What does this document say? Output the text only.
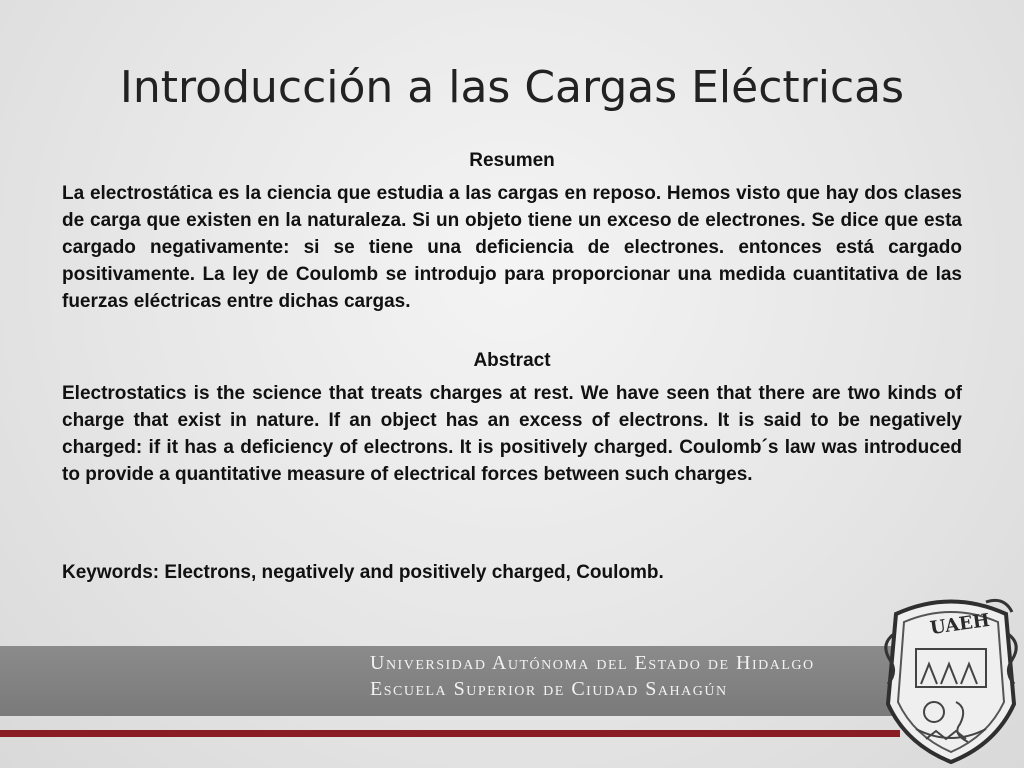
Introducción a las Cargas Eléctricas
Resumen
La electrostática es la ciencia que estudia a las cargas en reposo. Hemos visto que hay dos clases de carga que existen en la naturaleza. Si un objeto tiene un exceso de electrones. Se dice que esta cargado negativamente: si se tiene una deficiencia de electrones. entonces está cargado positivamente. La ley de Coulomb se introdujo para proporcionar una medida cuantitativa de las fuerzas eléctricas entre dichas cargas.
Abstract
Electrostatics is the science that treats charges at rest. We have seen that there are two kinds of charge that exist in nature. If an object has an excess of electrons. It is said to be negatively charged: if it has a deficiency of electrons. It is positively charged. Coulomb´s law was introduced to provide a quantitative measure of electrical forces between such charges.
Keywords: Electrons, negatively and positively charged, Coulomb.
Universidad Autónoma del Estado de Hidalgo
Escuela Superior de Ciudad Sahagún
UAEH
